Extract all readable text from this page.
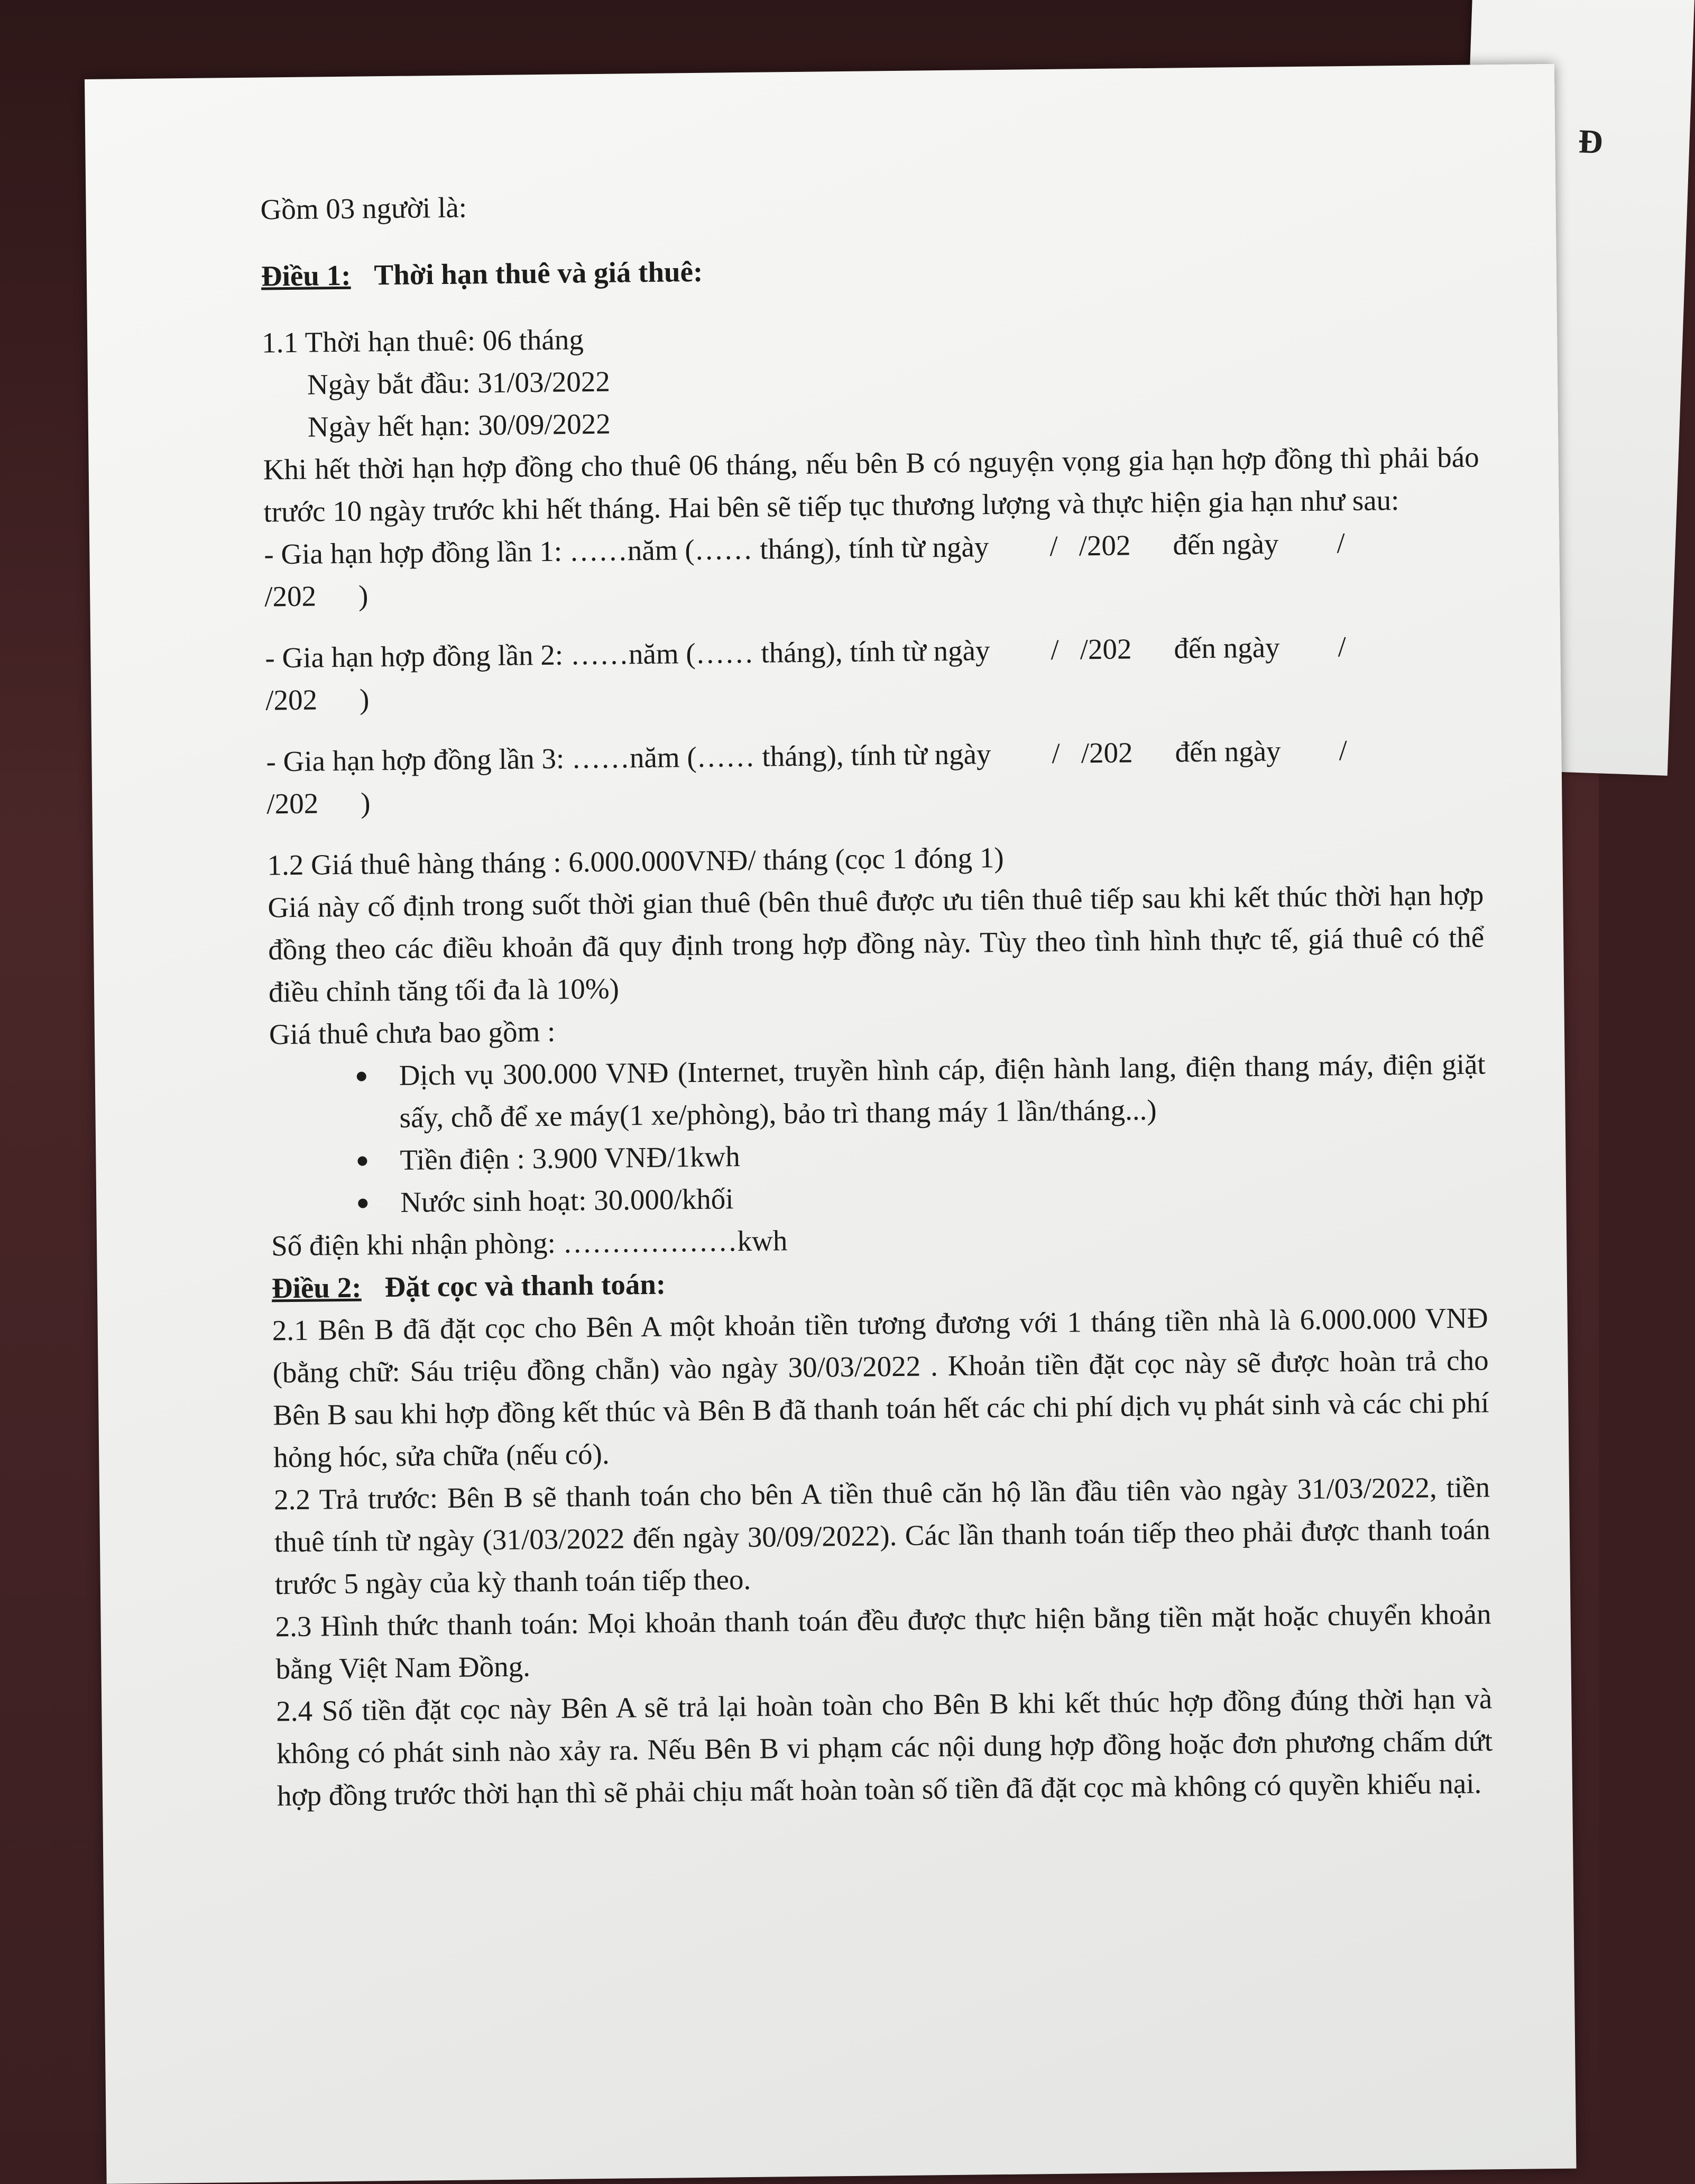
Đ

Gồm 03 người là:

Điều 1: Thời hạn thuê và giá thuê:

1.1 Thời hạn thuê: 06 tháng

Ngày bắt đầu: 31/03/2022

Ngày hết hạn: 30/09/2022

Khi hết thời hạn hợp đồng cho thuê 06 tháng, nếu bên B có nguyện vọng gia hạn hợp đồng thì phải báo trước 10 ngày trước khi hết tháng. Hai bên sẽ tiếp tục thương lượng và thực hiện gia hạn như sau:

- Gia hạn hợp đồng lần 1: ……năm (…… tháng), tính từ ngày / /202 đến ngày /

/202 )

- Gia hạn hợp đồng lần 2: ……năm (…… tháng), tính từ ngày / /202 đến ngày /

/202 )

- Gia hạn hợp đồng lần 3: ……năm (…… tháng), tính từ ngày / /202 đến ngày /

/202 )

1.2 Giá thuê hàng tháng : 6.000.000VNĐ/ tháng (cọc 1 đóng 1)

Giá này cố định trong suốt thời gian thuê (bên thuê được ưu tiên thuê tiếp sau khi kết thúc thời hạn hợp đồng theo các điều khoản đã quy định trong hợp đồng này. Tùy theo tình hình thực tế, giá thuê có thể điều chỉnh tăng tối đa là 10%)

Giá thuê chưa bao gồm :

Dịch vụ 300.000 VNĐ (Internet, truyền hình cáp, điện hành lang, điện thang máy, điện giặt sấy, chỗ để xe máy(1 xe/phòng), bảo trì thang máy 1 lần/tháng...)
Tiền điện : 3.900 VNĐ/1kwh
Nước sinh hoạt: 30.000/khối

Số điện khi nhận phòng: ………………kwh

Điều 2: Đặt cọc và thanh toán:

2.1 Bên B đã đặt cọc cho Bên A một khoản tiền tương đương với 1 tháng tiền nhà là 6.000.000 VNĐ (bằng chữ: Sáu triệu đồng chẵn) vào ngày 30/03/2022 . Khoản tiền đặt cọc này sẽ được hoàn trả cho Bên B sau khi hợp đồng kết thúc và Bên B đã thanh toán hết các chi phí dịch vụ phát sinh và các chi phí hỏng hóc, sửa chữa (nếu có).

2.2 Trả trước: Bên B sẽ thanh toán cho bên A tiền thuê căn hộ lần đầu tiên vào ngày 31/03/2022, tiền thuê tính từ ngày (31/03/2022 đến ngày 30/09/2022). Các lần thanh toán tiếp theo phải được thanh toán trước 5 ngày của kỳ thanh toán tiếp theo.

2.3 Hình thức thanh toán: Mọi khoản thanh toán đều được thực hiện bằng tiền mặt hoặc chuyển khoản bằng Việt Nam Đồng.

2.4 Số tiền đặt cọc này Bên A sẽ trả lại hoàn toàn cho Bên B khi kết thúc hợp đồng đúng thời hạn và không có phát sinh nào xảy ra. Nếu Bên B vi phạm các nội dung hợp đồng hoặc đơn phương chấm dứt hợp đồng trước thời hạn thì sẽ phải chịu mất hoàn toàn số tiền đã đặt cọc mà không có quyền khiếu nại.
